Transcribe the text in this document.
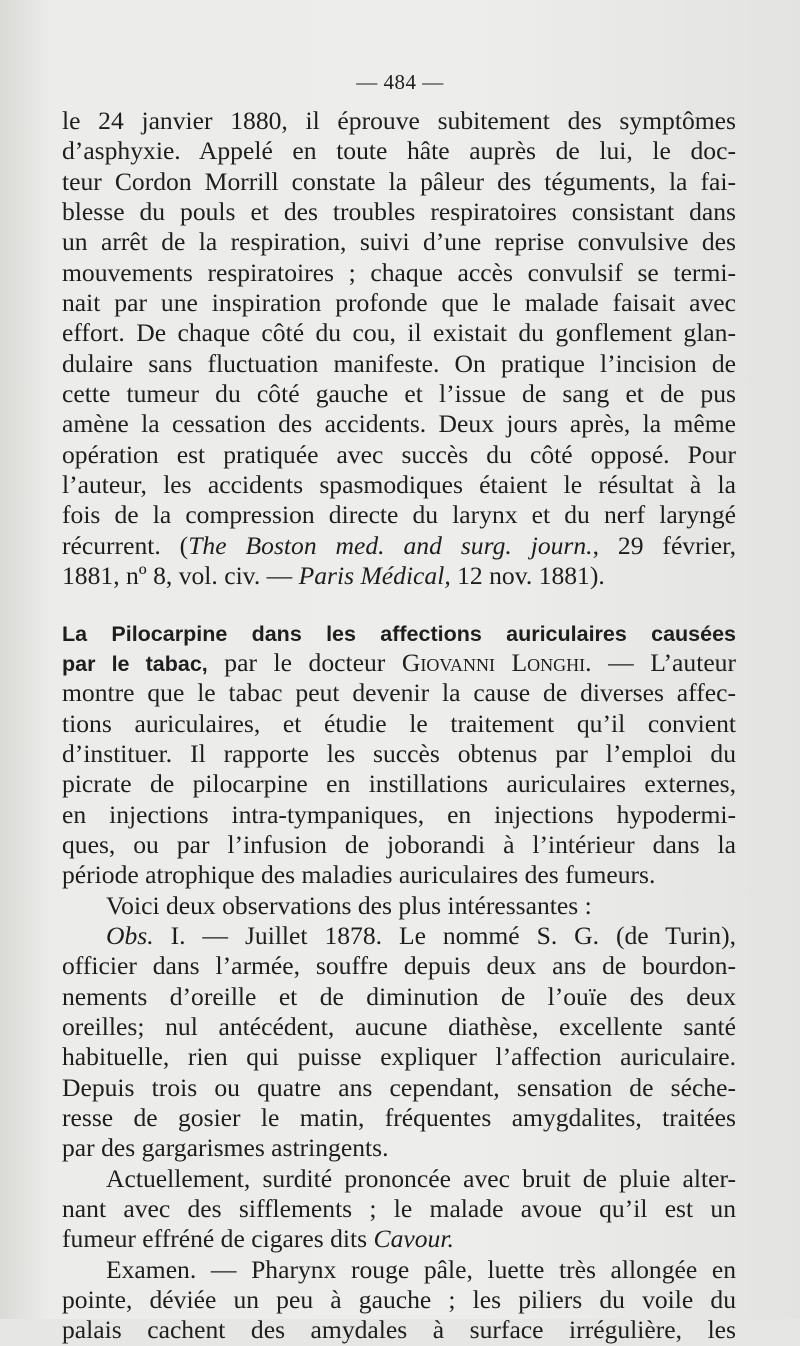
— 484 —
le 24 janvier 1880, il éprouve subitement des symptômes
d’asphyxie. Appelé en toute hâte auprès de lui, le doc-
teur Cordon Morrill constate la pâleur des téguments, la fai-
blesse du pouls et des troubles respiratoires consistant dans
un arrêt de la respiration, suivi d’une reprise convulsive des
mouvements respiratoires ; chaque accès convulsif se termi-
nait par une inspiration profonde que le malade faisait avec
effort. De chaque côté du cou, il existait du gonflement glan-
dulaire sans fluctuation manifeste. On pratique l’incision de
cette tumeur du côté gauche et l’issue de sang et de pus
amène la cessation des accidents. Deux jours après, la même
opération est pratiquée avec succès du côté opposé. Pour
l’auteur, les accidents spasmodiques étaient le résultat à la
fois de la compression directe du larynx et du nerf laryngé
récurrent. (The Boston med. and surg. journ., 29 février,
1881, nº 8, vol. civ. — Paris Médical, 12 nov. 1881).
La Pilocarpine dans les affections auriculaires causées
par le tabac, par le docteur Giovanni Longhi. — L’auteur
montre que le tabac peut devenir la cause de diverses affec-
tions auriculaires, et étudie le traitement qu’il convient
d’instituer. Il rapporte les succès obtenus par l’emploi du
picrate de pilocarpine en instillations auriculaires externes,
en injections intra-tympaniques, en injections hypodermi-
ques, ou par l’infusion de joborandi à l’intérieur dans la
période atrophique des maladies auriculaires des fumeurs.
Voici deux observations des plus intéressantes :
Obs. I. — Juillet 1878. Le nommé S. G. (de Turin),
officier dans l’armée, souffre depuis deux ans de bourdon-
nements d’oreille et de diminution de l’ouïe des deux
oreilles; nul antécédent, aucune diathèse, excellente santé
habituelle, rien qui puisse expliquer l’affection auriculaire.
Depuis trois ou quatre ans cependant, sensation de séche-
resse de gosier le matin, fréquentes amygdalites, traitées
par des gargarismes astringents.
Actuellement, surdité prononcée avec bruit de pluie alter-
nant avec des sifflements ; le malade avoue qu’il est un
fumeur effréné de cigares dits Cavour.
Examen. — Pharynx rouge pâle, luette très allongée en
pointe, déviée un peu à gauche ; les piliers du voile du
palais cachent des amydales à surface irrégulière, les
